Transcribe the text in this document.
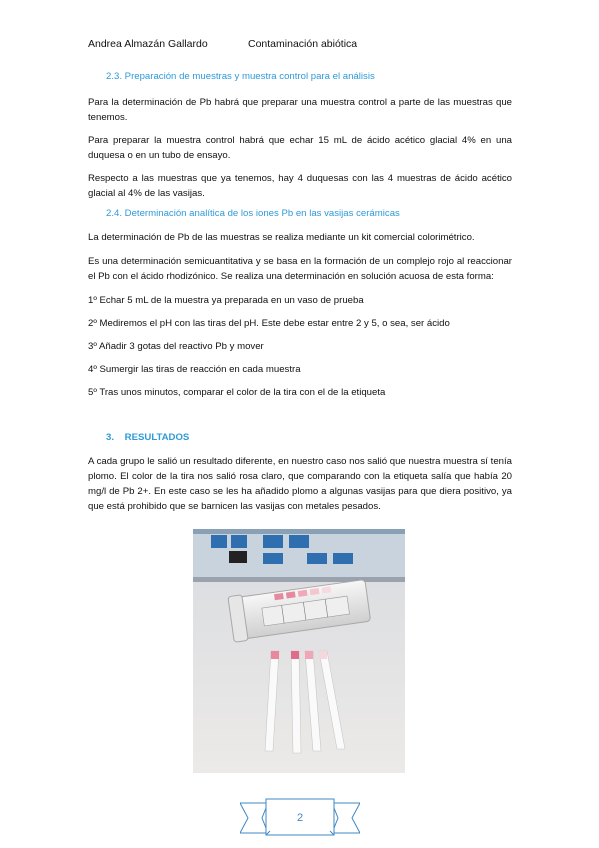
Andrea Almazán Gallardo	Contaminación abiótica

2.3. Preparación de muestras y muestra control para el análisis

Para la determinación de Pb habrá que preparar una muestra control a parte de las muestras que tenemos.

Para preparar la muestra control habrá que echar 15 mL de ácido acético glacial 4% en una duquesa o en un tubo de ensayo.

Respecto a las muestras que ya tenemos, hay 4 duquesas con las 4 muestras de ácido acético glacial al 4% de las vasijas.

2.4. Determinación analítica de los iones Pb en las vasijas cerámicas

La determinación de Pb de las muestras se realiza mediante un kit comercial colorimétrico.

Es una determinación semicuantitativa y se basa en la formación de un complejo rojo al reaccionar el Pb con el ácido rhodizónico. Se realiza una determinación en solución acuosa de esta forma:

1º Echar 5 mL de la muestra ya preparada en un vaso de prueba

2º Mediremos el pH con las tiras del pH. Este debe estar entre 2 y 5, o sea, ser ácido

3º Añadir 3 gotas del reactivo Pb y mover

4º Sumergir las tiras de reacción en cada muestra

5º Tras unos minutos, comparar el color de la tira con el de la etiqueta

3.    RESULTADOS

A cada grupo le salió un resultado diferente, en nuestro caso nos salió que nuestra muestra sí tenía plomo. El color de la tira nos salió rosa claro, que comparando con la etiqueta salía que había 20 mg/l de Pb 2+. En este caso se les ha añadido plomo a algunas vasijas para que diera positivo, ya que está prohibido que se barnicen las vasijas con metales pesados.

2
